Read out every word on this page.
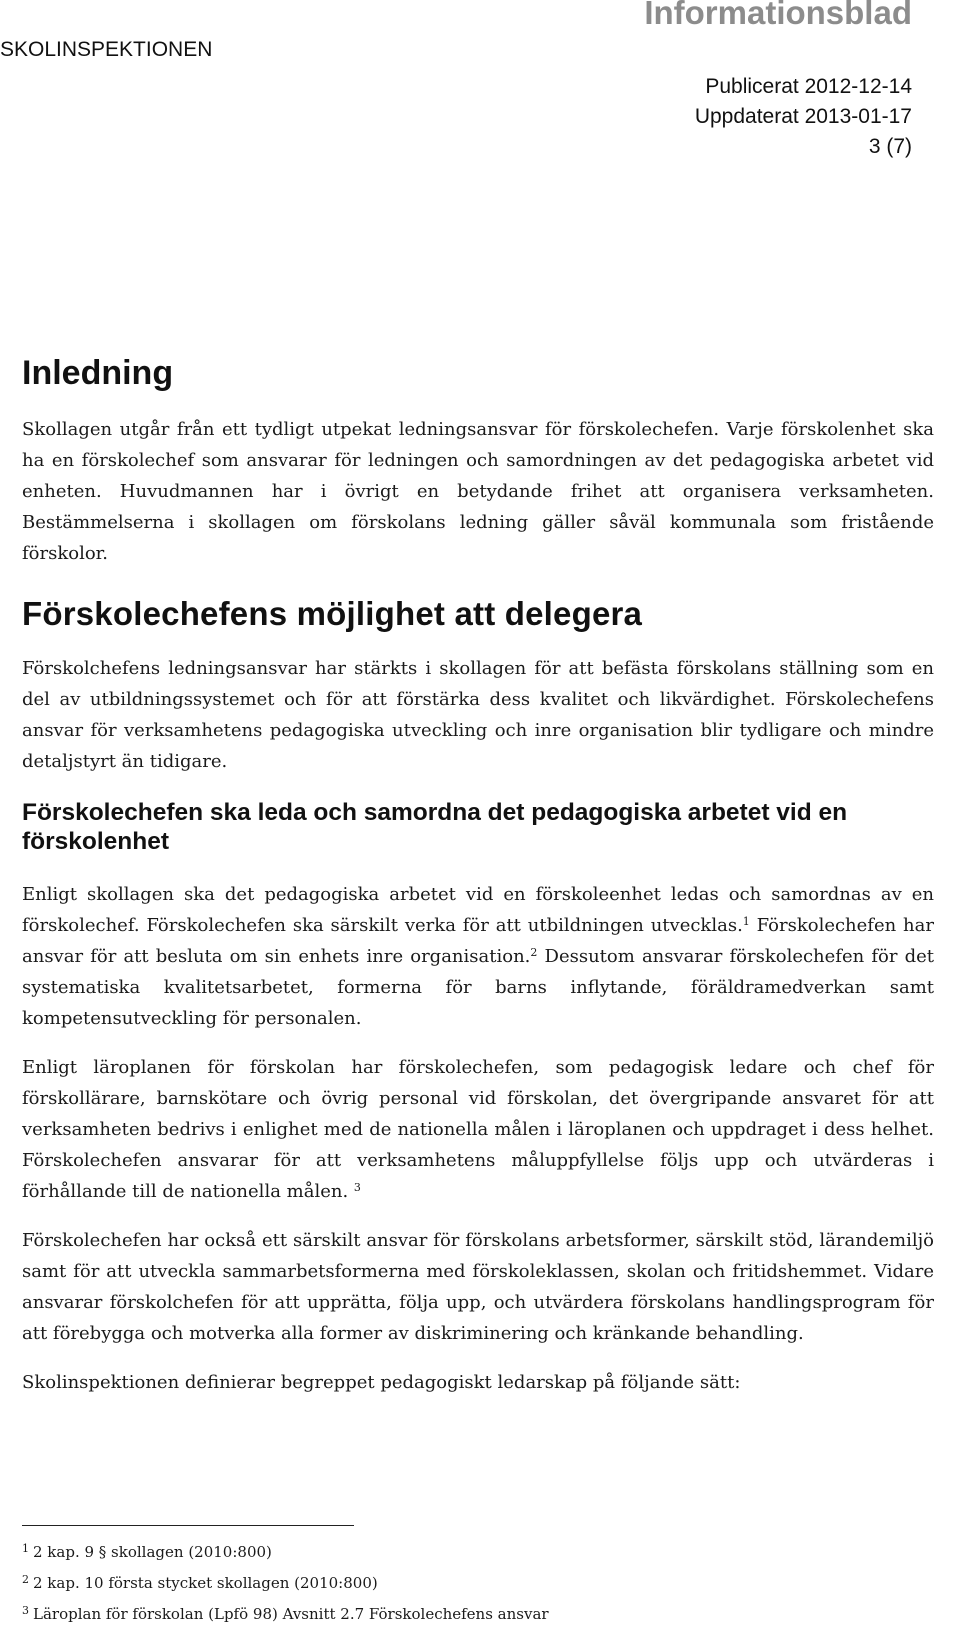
SKOLINSPEKTIONEN
Informationsblad
Publicerat 2012-12-14
Uppdaterat 2013-01-17
3 (7)
Inledning

Skollagen utgår från ett tydligt utpekat ledningsansvar för förskolechefen. Varje förskolenhet ska ha en förskolechef som ansvarar för ledningen och samordningen av det pedagogiska arbetet vid enheten. Huvudmannen har i övrigt en betydande frihet att organisera verksamheten. Bestämmelserna i skollagen om förskolans ledning gäller såväl kommunala som fristående förskolor.

Förskolechefens möjlighet att delegera

Förskolchefens ledningsansvar har stärkts i skollagen för att befästa förskolans ställning som en del av utbildningssystemet och för att förstärka dess kvalitet och likvärdighet. Förskolechefens ansvar för verksamhetens pedagogiska utveckling och inre organisation blir tydligare och mindre detaljstyrt än tidigare.

Förskolechefen ska leda och samordna det pedagogiska arbetet vid en förskolenhet

Enligt skollagen ska det pedagogiska arbetet vid en förskoleenhet ledas och samordnas av en förskolechef. Förskolechefen ska särskilt verka för att utbildningen utvecklas.$^1$ Förskolechefen har ansvar för att besluta om sin enhets inre organisation.$^2$ Dessutom ansvarar förskolechefen för det systematiska kvalitetsarbetet, formerna för barns inflytande, föräldramedverkan samt kompetensutveckling för personalen.

Enligt läroplanen för förskolan har förskolechefen, som pedagogisk ledare och chef för förskollärare, barnskötare och övrig personal vid förskolan, det övergripande ansvaret för att verksamheten bedrivs i enlighet med de nationella målen i läroplanen och uppdraget i dess helhet. Förskolechefen ansvarar för att verksamhetens måluppfyllelse följs upp och utvärderas i förhållande till de nationella målen. $^3$

Förskolechefen har också ett särskilt ansvar för förskolans arbetsformer, särskilt stöd, lärandemiljö samt för att utveckla sammarbetsformerna med förskoleklassen, skolan och fritidshemmet. Vidare ansvarar förskolchefen för att upprätta, följa upp, och utvärdera förskolans handlingsprogram för att förebygga och motverka alla former av diskriminering och kränkande behandling.

Skolinspektionen definierar begreppet pedagogiskt ledarskap på följande sätt:

$^1$ 2 kap. 9 § skollagen (2010:800)
$^2$ 2 kap. 10 första stycket skollagen (2010:800)
$^3$ Läroplan för förskolan (Lpfö 98) Avsnitt 2.7 Förskolechefens ansvar
